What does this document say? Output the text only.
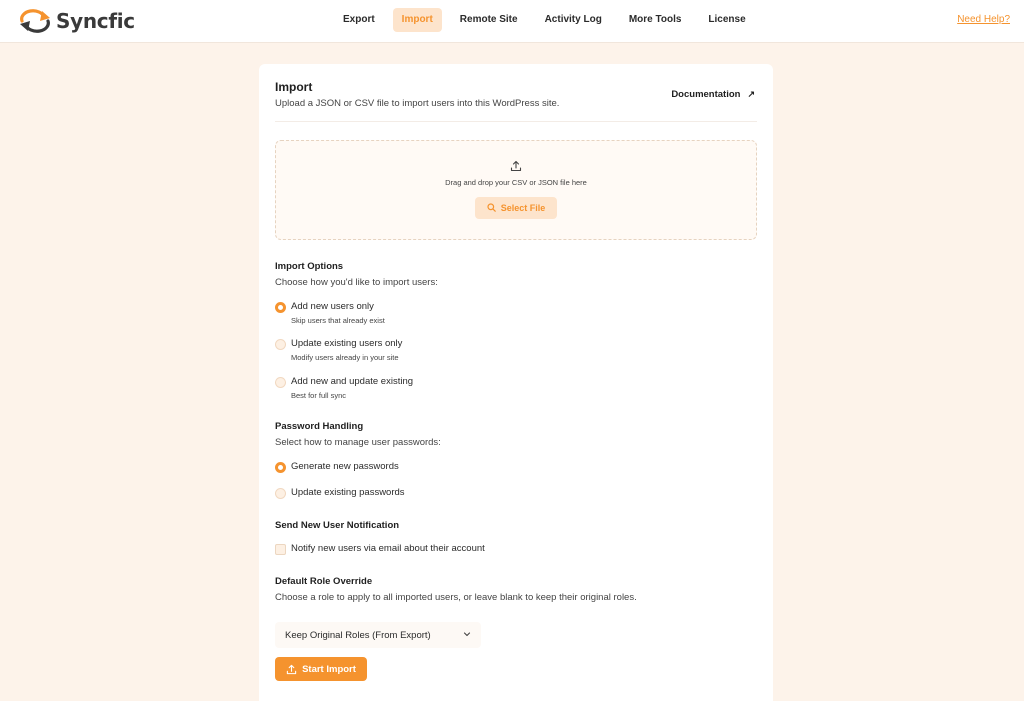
Syncfic	Export	Import	Remote Site	Activity Log	More Tools	License	Need Help?
Import
Upload a JSON or CSV file to import users into this WordPress site.
Documentation ↗
Drag and drop your CSV or JSON file here
Select File
Import Options
Choose how you'd like to import users:
Add new users only
Skip users that already exist
Update existing users only
Modify users already in your site
Add new and update existing
Best for full sync
Password Handling
Select how to manage user passwords:
Generate new passwords
Update existing passwords
Send New User Notification
Notify new users via email about their account
Default Role Override
Choose a role to apply to all imported users, or leave blank to keep their original roles.
Keep Original Roles (From Export)
Start Import
